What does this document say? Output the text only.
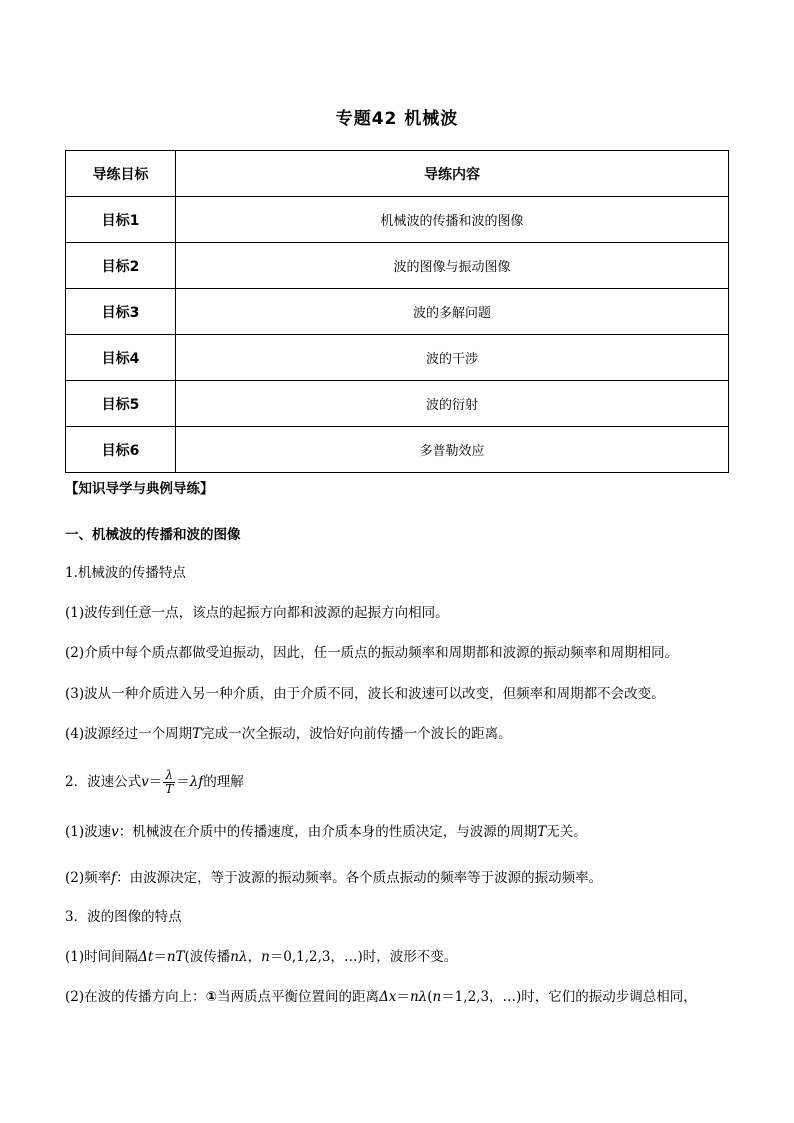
专题42 机械波
导练目标	导练内容
目标1	机械波的传播和波的图像
目标2	波的图像与振动图像
目标3	波的多解问题
目标4	波的干涉
目标5	波的衍射
目标6	多普勒效应
【知识导学与典例导练】
一、机械波的传播和波的图像
1.机械波的传播特点
(1)波传到任意一点，该点的起振方向都和波源的起振方向相同。
(2)介质中每个质点都做受迫振动，因此，任一质点的振动频率和周期都和波源的振动频率和周期相同。
(3)波从一种介质进入另一种介质，由于介质不同，波长和波速可以改变，但频率和周期都不会改变。
(4)波源经过一个周期T完成一次全振动，波恰好向前传播一个波长的距离。
2．波速公式$v= \frac{\lambda}{T} =\lambda f$的理解
(1)波速v：机械波在介质中的传播速度，由介质本身的性质决定，与波源的周期T无关。
(2)频率f：由波源决定，等于波源的振动频率。各个质点振动的频率等于波源的振动频率。
3．波的图像的特点
(1)时间间隔Δt＝nT(波传播nλ，n＝0,1,2,3，…)时，波形不变。
(2)在波的传播方向上：①当两质点平衡位置间的距离Δx＝nλ(n＝1,2,3，…)时，它们的振动步调总相同，
